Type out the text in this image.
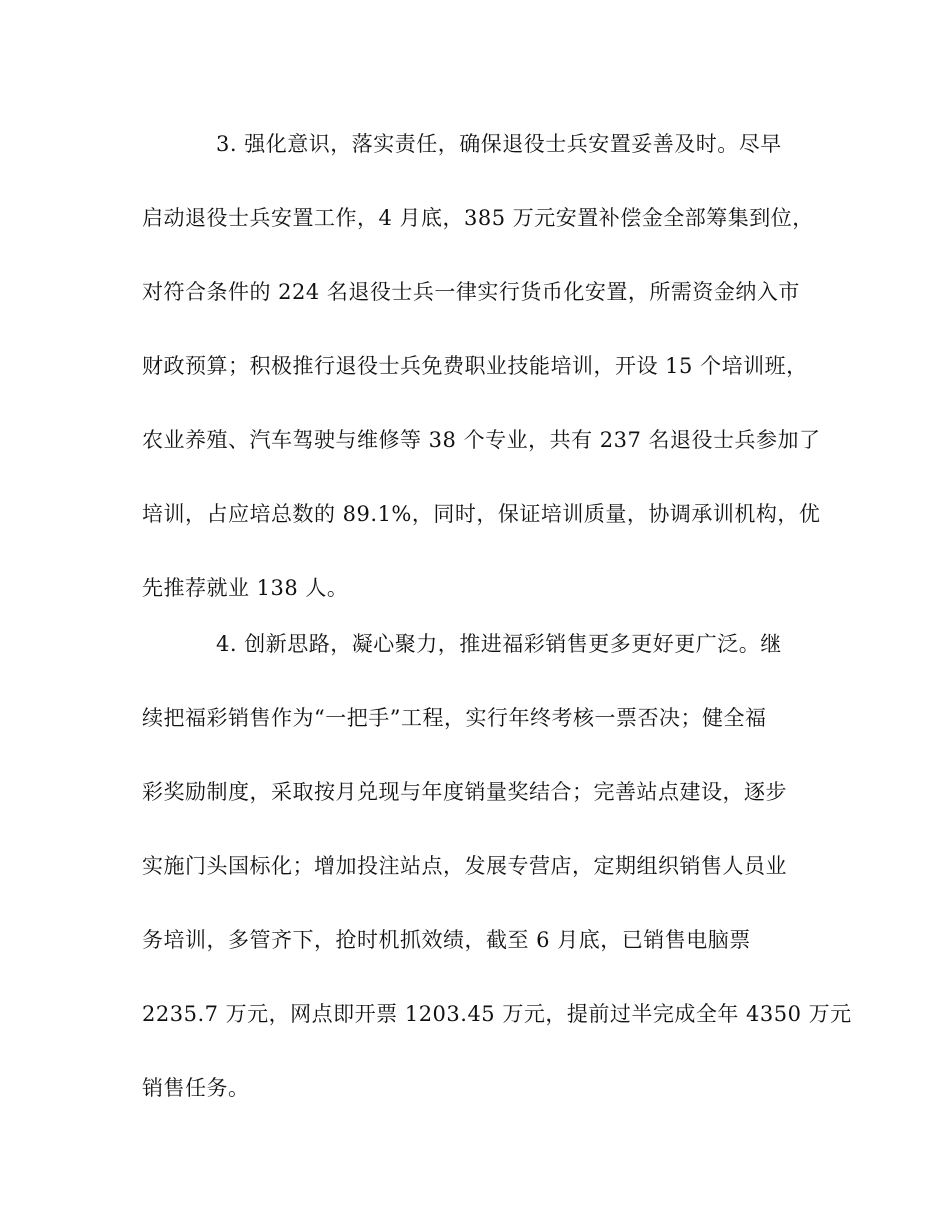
3. 强化意识，落实责任，确保退役士兵安置妥善及时。尽早
启动退役士兵安置工作，4 月底，385 万元安置补偿金全部筹集到位，
对符合条件的 224 名退役士兵一律实行货币化安置，所需资金纳入市
财政预算；积极推行退役士兵免费职业技能培训，开设 15 个培训班，
农业养殖、汽车驾驶与维修等 38 个专业，共有 237 名退役士兵参加了
培训，占应培总数的 89.1%，同时，保证培训质量，协调承训机构，优
先推荐就业 138 人。
4. 创新思路，凝心聚力，推进福彩销售更多更好更广泛。继
续把福彩销售作为“一把手”工程，实行年终考核一票否决；健全福
彩奖励制度，采取按月兑现与年度销量奖结合；完善站点建设，逐步
实施门头国标化；增加投注站点，发展专营店，定期组织销售人员业
务培训，多管齐下，抢时机抓效绩，截至 6 月底，已销售电脑票
2235.7 万元，网点即开票 1203.45 万元，提前过半完成全年 4350 万元
销售任务。
